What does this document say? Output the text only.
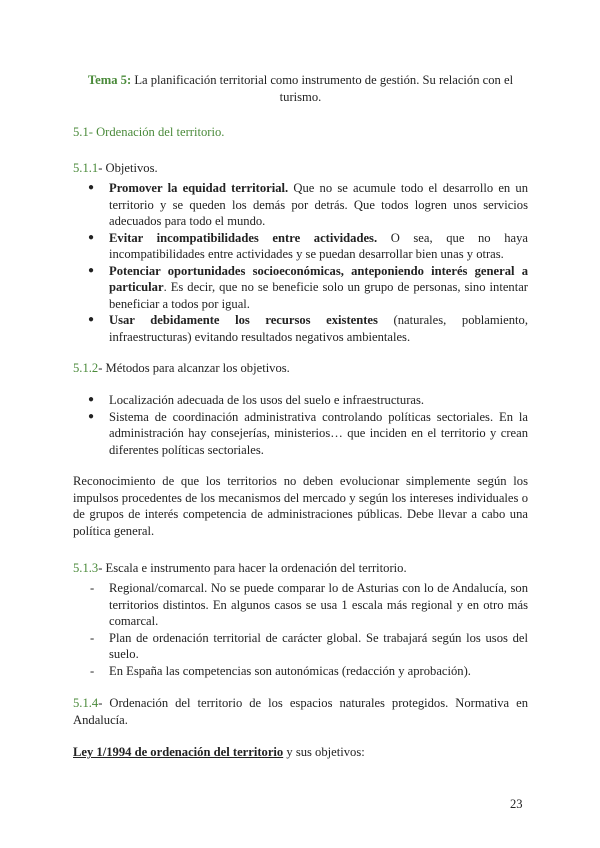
Tema 5: La planificación territorial como instrumento de gestión. Su relación con el turismo.
5.1- Ordenación del territorio.
5.1.1- Objetivos.
● Promover la equidad territorial. Que no se acumule todo el desarrollo en un territorio y se queden los demás por detrás. Que todos logren unos servicios adecuados para todo el mundo.
● Evitar incompatibilidades entre actividades. O sea, que no haya incompatibilidades entre actividades y se puedan desarrollar bien unas y otras.
● Potenciar oportunidades socioeconómicas, anteponiendo interés general a particular. Es decir, que no se beneficie solo un grupo de personas, sino intentar beneficiar a todos por igual.
● Usar debidamente los recursos existentes (naturales, poblamiento, infraestructuras) evitando resultados negativos ambientales.
5.1.2- Métodos para alcanzar los objetivos.
● Localización adecuada de los usos del suelo e infraestructuras.
● Sistema de coordinación administrativa controlando políticas sectoriales. En la administración hay consejerías, ministerios… que inciden en el territorio y crean diferentes políticas sectoriales.
Reconocimiento de que los territorios no deben evolucionar simplemente según los impulsos procedentes de los mecanismos del mercado y según los intereses individuales o de grupos de interés competencia de administraciones públicas. Debe llevar a cabo una política general.
5.1.3- Escala e instrumento para hacer la ordenación del territorio.
- Regional/comarcal. No se puede comparar lo de Asturias con lo de Andalucía, son territorios distintos. En algunos casos se usa 1 escala más regional y en otro más comarcal.
- Plan de ordenación territorial de carácter global. Se trabajará según los usos del suelo.
- En España las competencias son autonómicas (redacción y aprobación).
5.1.4- Ordenación del territorio de los espacios naturales protegidos. Normativa en Andalucía.
Ley 1/1994 de ordenación del territorio y sus objetivos:
23
